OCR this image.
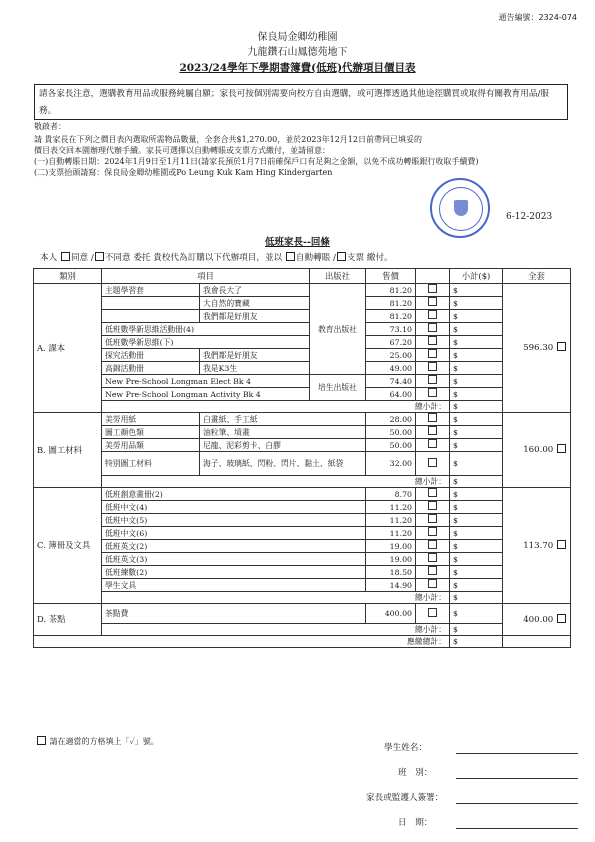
通告編號：2324-074
保良局金卿幼稚園
九龍鑽石山鳳德苑地下
2023/24學年下學期書簿費(低班)代辦項目價目表
請各家長注意，選購教育用品或服務純屬自願；家長可按個別需要向校方自由選購，或可選擇透過其他途徑購買或取得有關教育用品/服務。
敬啟者：
請 貴家長在下列之價目表內選取所需物品數量，全套合共$1,270.00，並於2023年12月12日前帶同已填妥的
價目表交回本園辦理代辦手續。家長可選擇以自動轉賬或支票方式繳付，並請留意：
(一)自動轉賬日期：2024年1月9日至1月11日(請家長預於1月7日前確保戶口有足夠之金額，以免不成功轉賬銀行收取手續費)
(二)支票抬頭請寫：保良局金卿幼稚園或Po Leung Kuk Kam Hing Kindergarten
6-12-2023
低班家長--回條
本人 同意 / 不同意 委托 貴校代為訂購以下代辦項目，並以 自動轉賬 / 支票 繳付。
類別	項目		出版社	售價		小計($)	全套
A. 課本	主題學習套	我會長大了	教育出版社	81.20		$	596.30
		大自然的寶藏		81.20		$	
		我們都是好朋友		81.20		$	
	低班數學新思維活動冊(4)			73.10		$	
	低班數學新思維(下)			67.20		$	
	探究活動冊	我們都是好朋友		25.00		$	
	高錦活動冊	我是K3生		49.00		$	
	New Pre-School Longman Elect Bk 4		培生出版社	74.40		$	
	New Pre-School Longman Activity Bk 4			64.00		$	
	總小計：					$	
B. 圖工材料	美勞用紙	白畫紙、手工紙		28.00		$	160.00
	圖工顏色類	油粒筆、墳畫		50.00		$	
	美勞用品類	尼龍、泥彩剪卡、白膠		50.00		$	
	特別圖工材料	海子、玻璃紙、閃粉、閃片、黏土、紙袋		32.00		$	
	總小計：					$	
C. 簿冊及文具	低班創意畫冊(2)			8.70		$	113.70
	低班中文(4)			11.20		$	
	低班中文(5)			11.20		$	
	低班中文(6)			11.20		$	
	低班英文(2)			19.00		$	
	低班英文(3)			19.00		$	
	低班練數(2)			18.50		$	
	學生文具			14.90		$	
	總小計：					$	
D. 茶點	茶點費			400.00		$	400.00
	總小計：					$	
應繳總計：						$	
請在適當的方格填上「✓」號。
學生姓名：
班　別：
家長或監護人簽署：
日　期：
